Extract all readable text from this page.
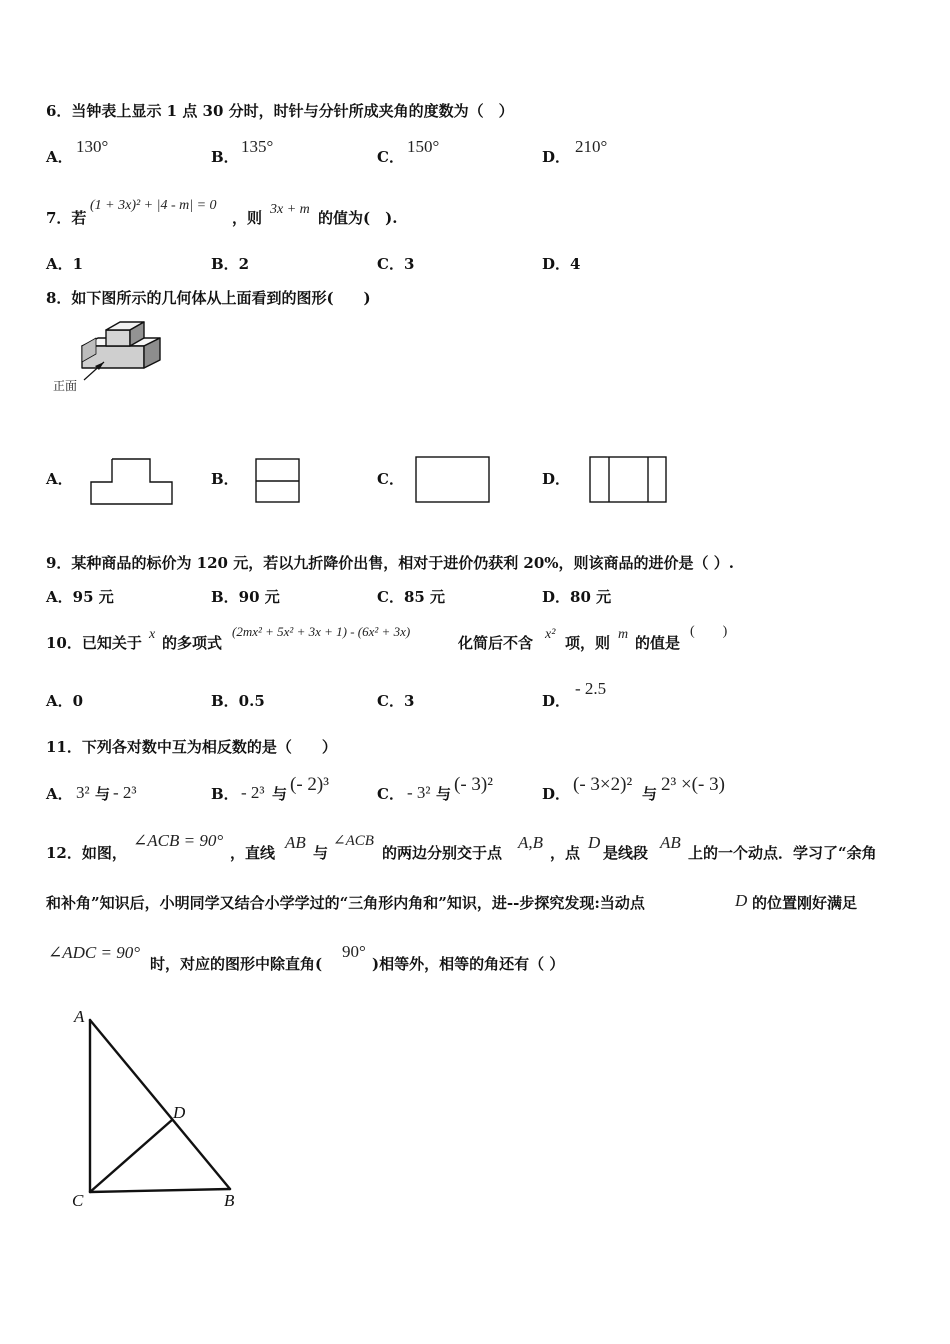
6．当钟表上显示 1 点 30 分时，时针与分针所成夹角的度数为（　）
A．
130°
B．
135°
C．
150°
D．
210°
7．若
(1 + 3x)² + |4 - m| = 0
，则 3x + m 的值为(　).
A．1	B．2	C．3	D．4
8．如下图所示的几何体从上面看到的图形(　　)
正面
A．	B．	C．	D．
9．某种商品的标价为 120 元，若以九折降价出售，相对于进价仍获利 20%，则该商品的进价是（ ）.
A．95 元	B．90 元	C．85 元	D．80 元
10．已知关于 x 的多项式
(2mx² + 5x² + 3x + 1) - (6x² + 3x)
化简后不含 x² 项，则 m 的值是
(　　)
A．0	B．0.5	C．3	D．
- 2.5
11．下列各对数中互为相反数的是（　　）
A． 3² 与 - 2³	B． - 2³ 与 (- 2)³	C． - 3² 与 (- 3)²	D． (- 3×2)² 与 2³ ×(- 3)
12．如图，
∠ACB = 90°
，直线
AB
与
∠ACB
的两边分别交于点
A,B
，点
D
是线段
AB
上的一个动点．学习了“余角
和补角”知识后，小明同学又结合小学学过的“三角形内角和”知识，进--步探究发现:当动点	D 的位置刚好满足
∠ADC = 90°
时，对应的图形中除直角(
90°
)相等外，相等的角还有（ ）
A
D
C	B
